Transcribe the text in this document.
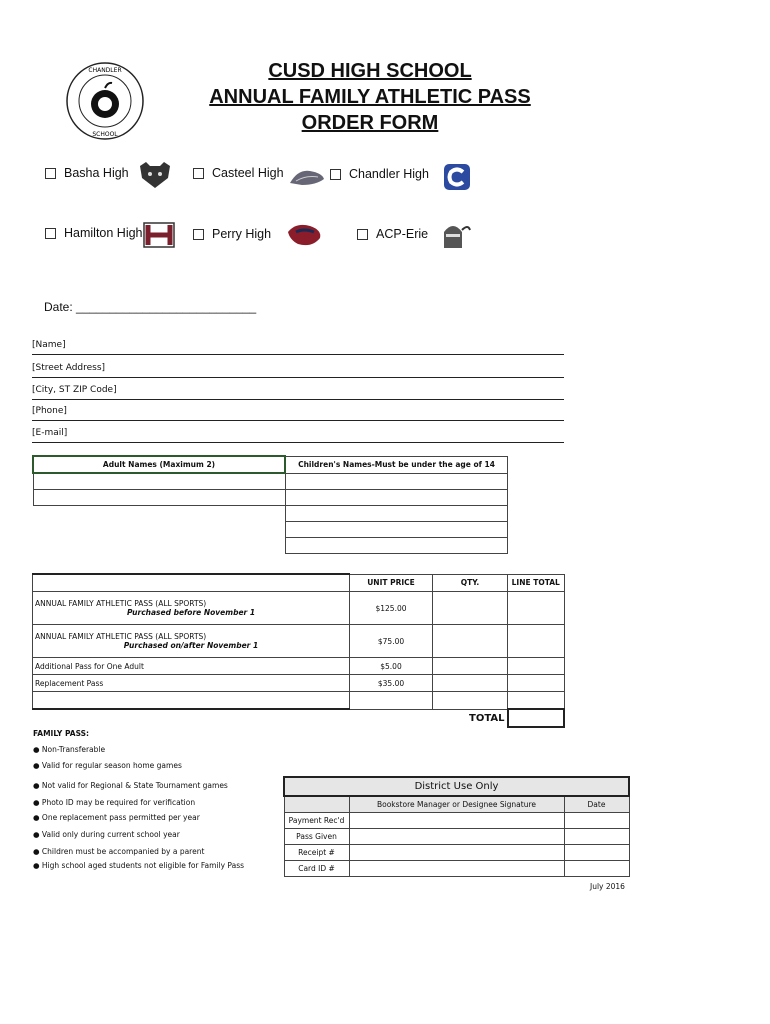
CHANDLER
SCHOOL
CUSD HIGH SCHOOL
ANNUAL FAMILY ATHLETIC PASS
ORDER FORM
Basha High	Casteel High	Chandler High
Hamilton High	Perry High	ACP-Erie
Date: ___________________________
[Name]
[Street Address]
[City, ST ZIP Code]
[Phone]
[E-mail]
Adult Names (Maximum 2)	Children's Names-Must be under the age of 14

	UNIT PRICE	QTY.	LINE TOTAL

ANNUAL FAMILY ATHLETIC PASS (ALL SPORTS)
Purchased before November 1	$125.00		

ANNUAL FAMILY ATHLETIC PASS (ALL SPORTS)
Purchased on/after November 1	$75.00		
Additional Pass for One Adult	$5.00		
Replacement Pass	$35.00		

		TOTAL	
FAMILY PASS:
● Non-Transferable
● Valid for regular season home games
● Not valid for Regional & State Tournament games
● Photo ID may be required for verification
● One replacement pass permitted per year
● Valid only during current school year
● Children must be accompanied by a parent
● High school aged students not eligible for Family Pass
District Use Only		
	Bookstore Manager or Designee Signature	Date
Payment Rec'd		
Pass Given		
Receipt #		
Card ID #		
July 2016
